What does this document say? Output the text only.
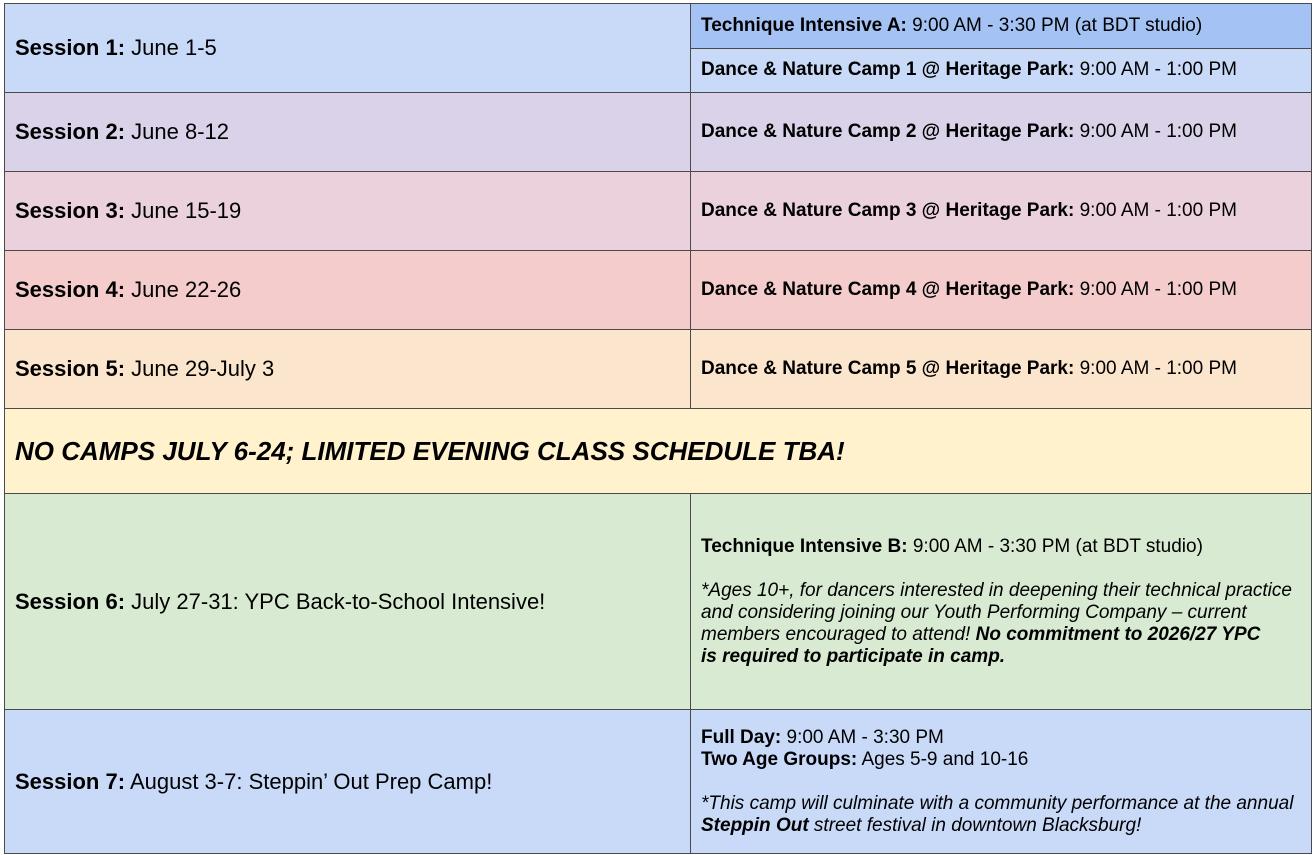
Session 1: June 1-5	Technique Intensive A: 9:00 AM - 3:30 PM (at BDT studio)
Dance & Nature Camp 1 @ Heritage Park: 9:00 AM - 1:00 PM

Session 2: June 8-12	Dance & Nature Camp 2 @ Heritage Park: 9:00 AM - 1:00 PM
Session 3: June 15-19	Dance & Nature Camp 3 @ Heritage Park: 9:00 AM - 1:00 PM
Session 4: June 22-26	Dance & Nature Camp 4 @ Heritage Park: 9:00 AM - 1:00 PM
Session 5: June 29-July 3	Dance & Nature Camp 5 @ Heritage Park: 9:00 AM - 1:00 PM
NO CAMPS JULY 6-24; LIMITED EVENING CLASS SCHEDULE TBA!	
Session 6: July 27-31: YPC Back-to-School Intensive!	Technique Intensive B: 9:00 AM - 3:30 PM (at BDT studio)

*Ages 10+, for dancers interested in deepening their technical practice and considering joining our Youth Performing Company – current members encouraged to attend! No commitment to 2026/27 YPC
is required to participate in camp.

Session 7: August 3-7: Steppin’ Out Prep Camp!	Full Day: 9:00 AM - 3:30 PM

Two Age Groups: Ages 5-9 and 10-16

*This camp will culminate with a community performance at the annual Steppin Out street festival in downtown Blacksburg!
